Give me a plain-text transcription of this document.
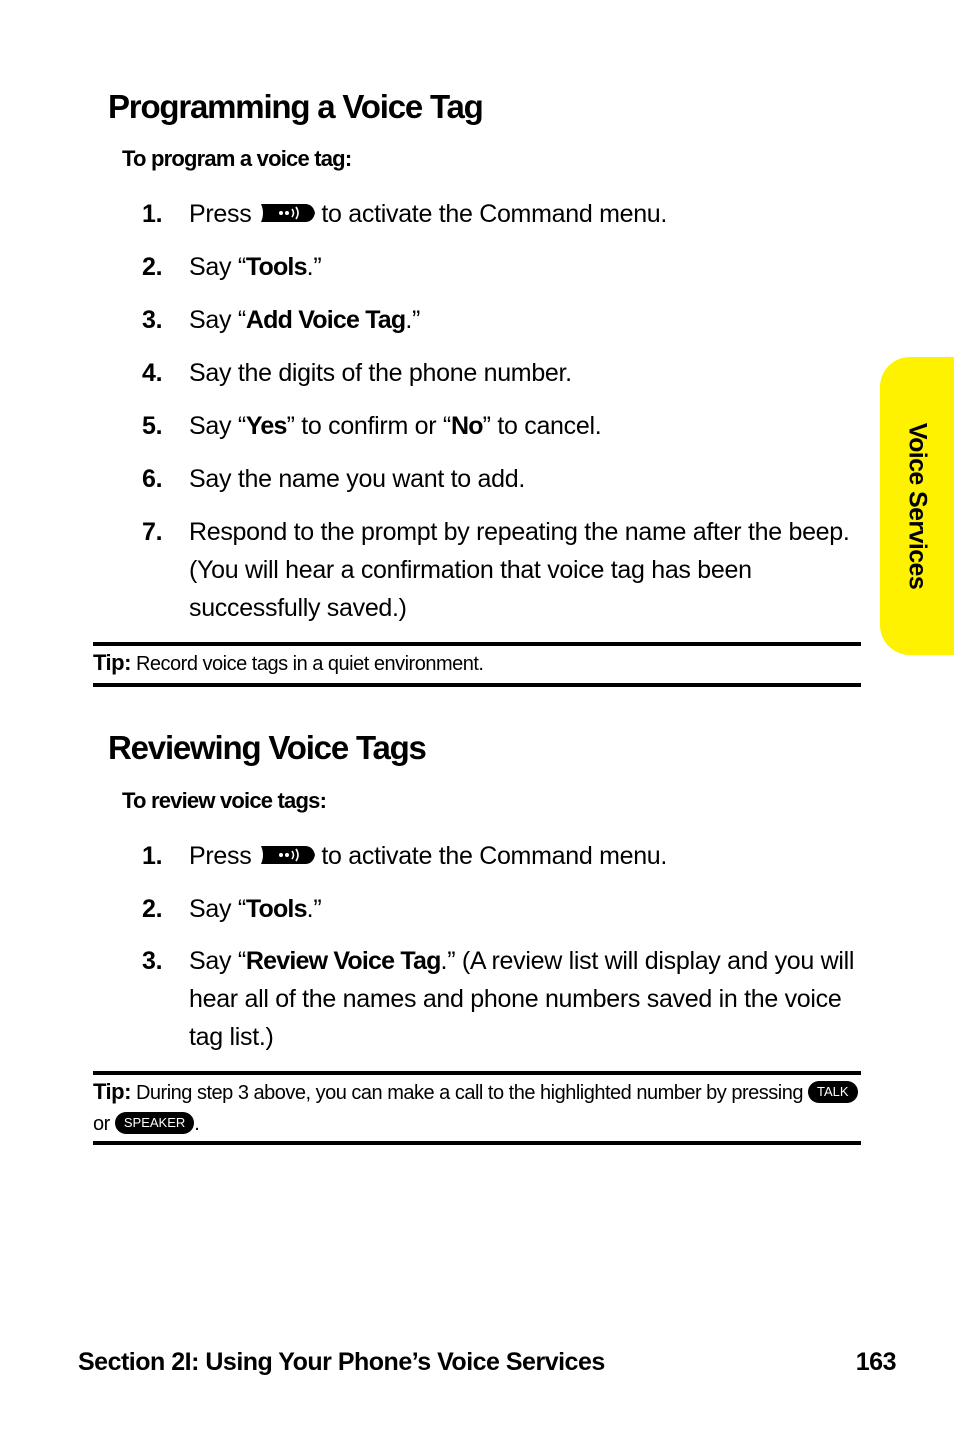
Programming a Voice Tag

To program a voice tag:

1.	Press	to activate the Command menu.
2.	Say “Tools.”
3.	Say “Add Voice Tag.”
4.	Say the digits of the phone number.
5.	Say “Yes” to confirm or “No” to cancel.
6.	Say the name you want to add.
7.	Respond to the prompt by repeating the name after the beep. (You will hear a confirmation that voice tag has been successfully saved.)
Tip: Record voice tags in a quiet environment.
Reviewing Voice Tags

To review voice tags:

1.	Press	to activate the Command menu.
2.	Say “Tools.”
3.	Say “Review Voice Tag.” (A review list will display and you will hear all of the names and phone numbers saved in the voice tag list.)
Tip: During step 3 above, you can make a call to the highlighted number by pressing TALK or SPEAKER .
Voice Services
Section 2I: Using Your Phone’s Voice Services	163
